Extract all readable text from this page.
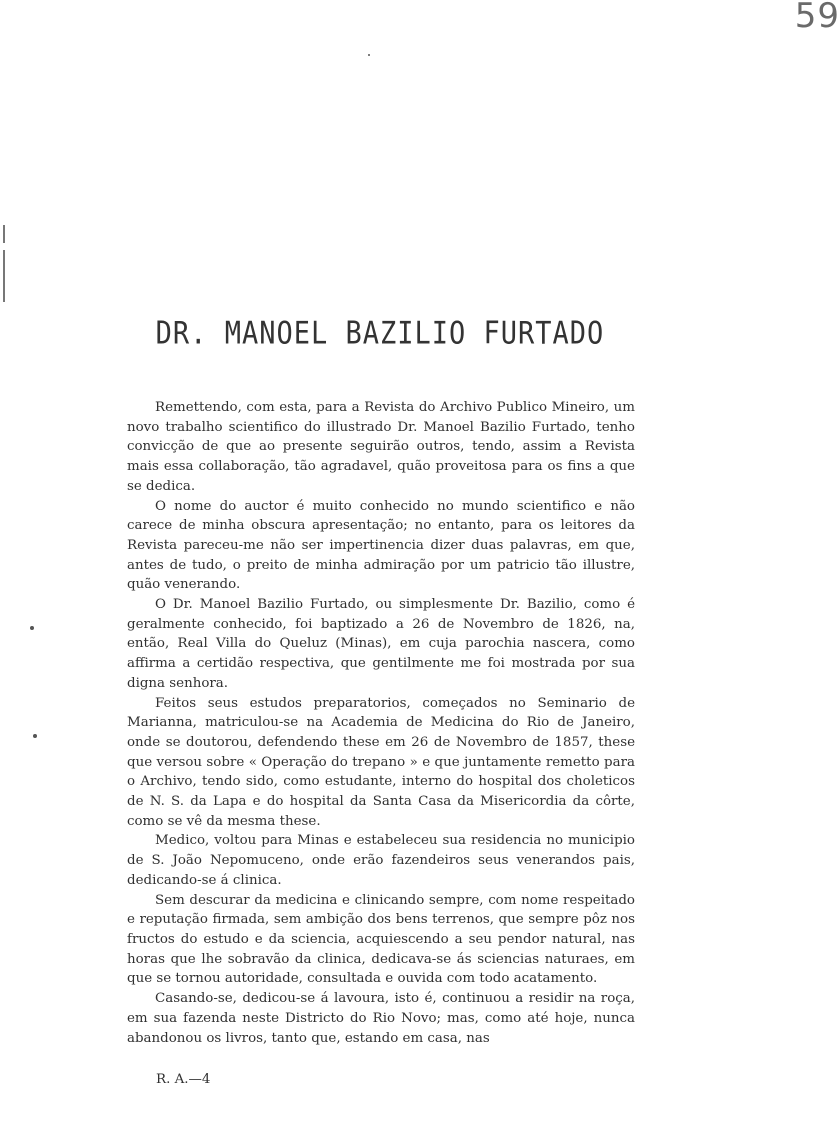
59
DR. MANOEL BAZILIO FURTADO

Remettendo, com esta, para a Revista do Archivo Publico Mineiro, um novo trabalho scientifico do illustrado Dr. Manoel Bazilio Furtado, tenho convicção de que ao presente seguirão outros, tendo, assim a Revista mais essa collaboração, tão agradavel, quão proveitosa para os fins a que se dedica.

O nome do auctor é muito conhecido no mundo scientifico e não carece de minha obscura apresentação; no entanto, para os leitores da Revista pareceu-me não ser impertinencia dizer duas palavras, em que, antes de tudo, o preito de minha admiração por um patricio tão illustre, quão venerando.

O Dr. Manoel Bazilio Furtado, ou simplesmente Dr. Bazilio, como é geralmente conhecido, foi baptizado a 26 de Novembro de 1826, na, então, Real Villa do Queluz (Minas), em cuja parochia nascera, como affirma a certidão respectiva, que gentilmente me foi mostrada por sua digna senhora.

Feitos seus estudos preparatorios, começados no Seminario de Marianna, matriculou-se na Academia de Medicina do Rio de Janeiro, onde se doutorou, defendendo these em 26 de Novembro de 1857, these que versou sobre « Operação do trepano » e que juntamente remetto para o Archivo, tendo sido, como estudante, interno do hospital dos choleticos de N. S. da Lapa e do hospital da Santa Casa da Misericordia da côrte, como se vê da mesma these.

Medico, voltou para Minas e estabeleceu sua residencia no municipio de S. João Nepomuceno, onde erão fazendeiros seus venerandos pais, dedicando-se á clinica.

Sem descurar da medicina e clinicando sempre, com nome respeitado e reputação firmada, sem ambição dos bens terrenos, que sempre pôz nos fructos do estudo e da sciencia, acquiescendo a seu pendor natural, nas horas que lhe sobravão da clinica, dedicava-se ás sciencias naturaes, em que se tornou autoridade, consultada e ouvida com todo acatamento.

Casando-se, dedicou-se á lavoura, isto é, continuou a residir na roça, em sua fazenda neste Districto do Rio Novo; mas, como até hoje, nunca abandonou os livros, tanto que, estando em casa, nas

R. A.—4
